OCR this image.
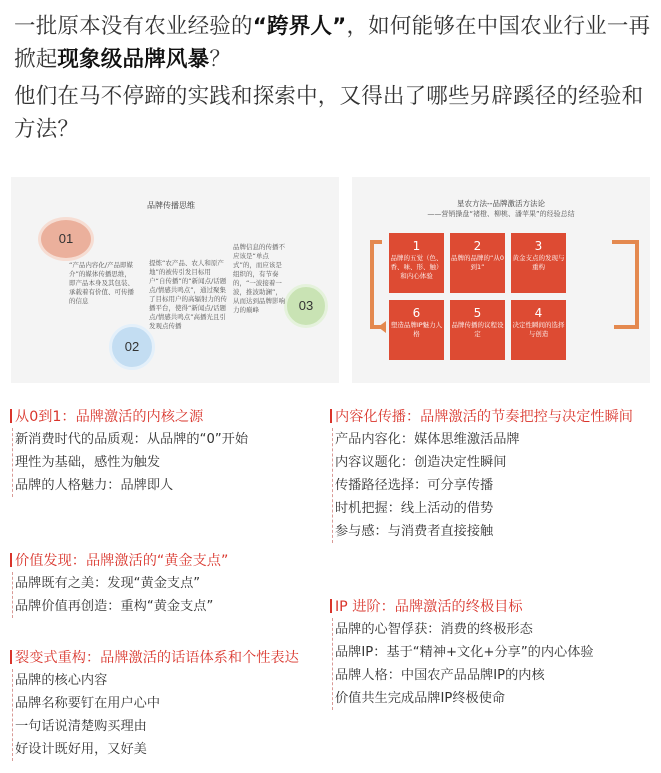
一批原本没有农业经验的“跨界人”，如何能够在中国农业行业一再掀起现象级品牌风暴？

他们在马不停蹄的实践和探索中，又得出了哪些另辟蹊径的经验和方法？

品牌传播思维
01
02
03
“产品内容化/产品即媒介”的媒体传播思维，即产品本身及其包装、承载着有价值、可传播的信息
提炼“农产品、农人和原产地”的被传引发目标用户“自传播”的“新闻点/话题点/情感共鸣点”，通过聚集了目标用户的高辐射力的传播平台，使得“新闻点/话题点/情感共鸣点”高播光且引发观点传播
品牌信息的传播不应该是“单点式”的，而应该是组织的，有节奏的，“一波接着一波，推波助澜”，从而达到品牌影响力的巅峰
星农方法--品牌激活方法论
——营销操盘“褚橙、柳桃、潘苹果”的经验总结
1
品牌的五觉（色、香、味、形、触）和内心体验
2
品牌的品牌的“从0到1”
3
黄金支点的发现与重构
4
决定性瞬间的选择与创造
5
品牌传播的议程设定
6
塑造品牌IP魅力人格
从0到1：品牌激活的内核之源
新消费时代的品质观：从品牌的“0”开始
理性为基础，感性为触发
品牌的人格魅力：品牌即人
内容化传播：品牌激活的节奏把控与决定性瞬间
产品内容化：媒体思维激活品牌
内容议题化：创造决定性瞬间
传播路径选择：可分享传播
时机把握：线上活动的借势
参与感：与消费者直接接触
价值发现：品牌激活的“黄金支点”
品牌既有之美：发现“黄金支点”
品牌价值再创造：重构“黄金支点”	IP 进阶：品牌激活的终极目标
品牌的心智俘获：消费的终极形态
品牌IP：基于“精神+文化+分享”的内心体验
品牌人格：中国农产品品牌IP的内核
价值共生完成品牌IP终极使命
裂变式重构：品牌激活的话语体系和个性表达
品牌的核心内容
品牌名称要钉在用户心中
一句话说清楚购买理由
好设计既好用，又好美
